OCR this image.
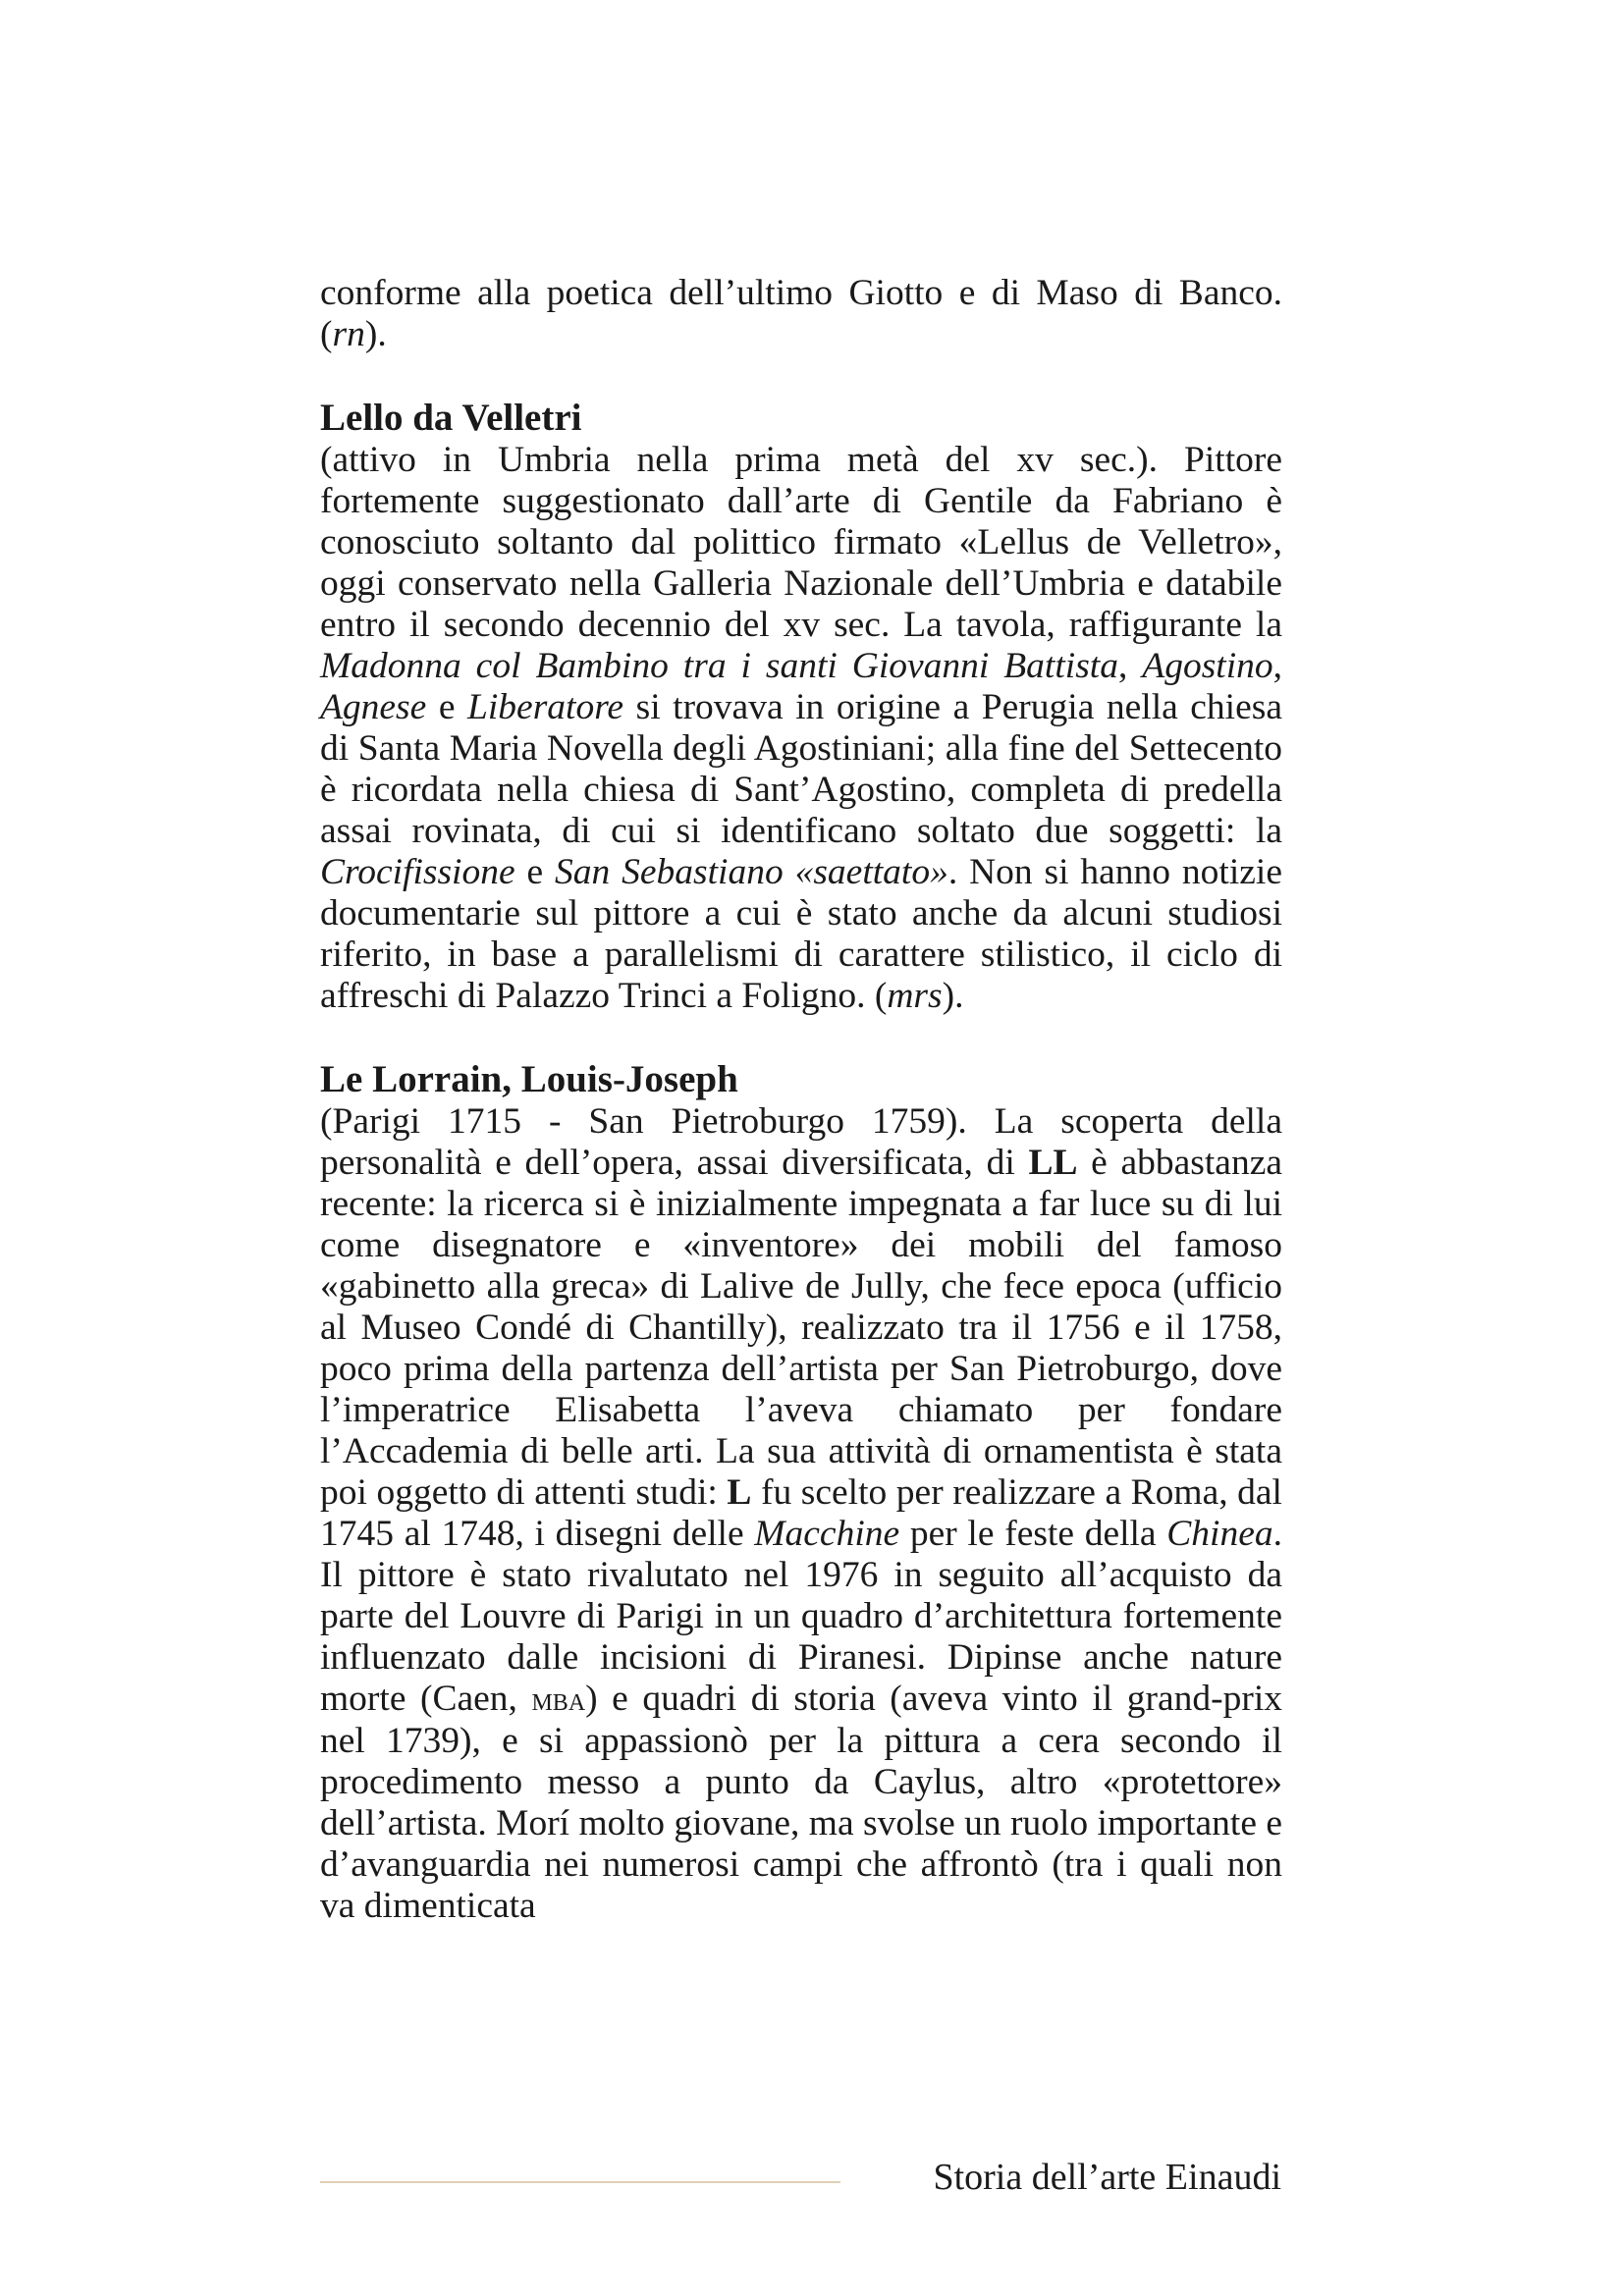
conforme alla poetica dell’ultimo Giotto e di Maso di Banco. (rn).

Lello da Velletri

(attivo in Umbria nella prima metà del xv sec.). Pittore fortemente suggestionato dall’arte di Gentile da Fabriano è conosciuto soltanto dal polittico firmato «Lellus de Velletro», oggi conservato nella Galleria Nazionale dell’Umbria e databile entro il secondo decennio del xv sec. La tavola, raffigurante la Madonna col Bambino tra i santi Giovanni Battista, Agostino, Agnese e Liberatore si trovava in origine a Perugia nella chiesa di Santa Maria Novella degli Agostiniani; alla fine del Settecento è ricordata nella chiesa di Sant’Agostino, completa di predella assai rovinata, di cui si identificano soltato due soggetti: la Crocifissione e San Sebastiano «saettato». Non si hanno notizie documentarie sul pittore a cui è stato anche da alcuni studiosi riferito, in base a parallelismi di carattere stilistico, il ciclo di affreschi di Palazzo Trinci a Foligno. (mrs).

Le Lorrain, Louis-Joseph

(Parigi 1715 - San Pietroburgo 1759). La scoperta della personalità e dell’opera, assai diversificata, di LL è abbastanza recente: la ricerca si è inizialmente impegnata a far luce su di lui come disegnatore e «inventore» dei mobili del famoso «gabinetto alla greca» di Lalive de Jully, che fece epoca (ufficio al Museo Condé di Chantilly), realizzato tra il 1756 e il 1758, poco prima della partenza dell’artista per San Pietroburgo, dove l’imperatrice Elisabetta l’aveva chiamato per fondare l’Accademia di belle arti. La sua attività di ornamentista è stata poi oggetto di attenti studi: L fu scelto per realizzare a Roma, dal 1745 al 1748, i disegni delle Macchine per le feste della Chinea. Il pittore è stato rivalutato nel 1976 in seguito all’acquisto da parte del Louvre di Parigi in un quadro d’architettura fortemente influenzato dalle incisioni di Piranesi. Dipinse anche nature morte (Caen, mba) e quadri di storia (aveva vinto il grand-prix nel 1739), e si appassionò per la pittura a cera secondo il procedimento messo a punto da Caylus, altro «protettore» dell’artista. Morí molto giovane, ma svolse un ruolo importante e d’avanguardia nei numerosi campi che affrontò (tra i quali non va dimenticata

Storia dell’arte Einaudi
